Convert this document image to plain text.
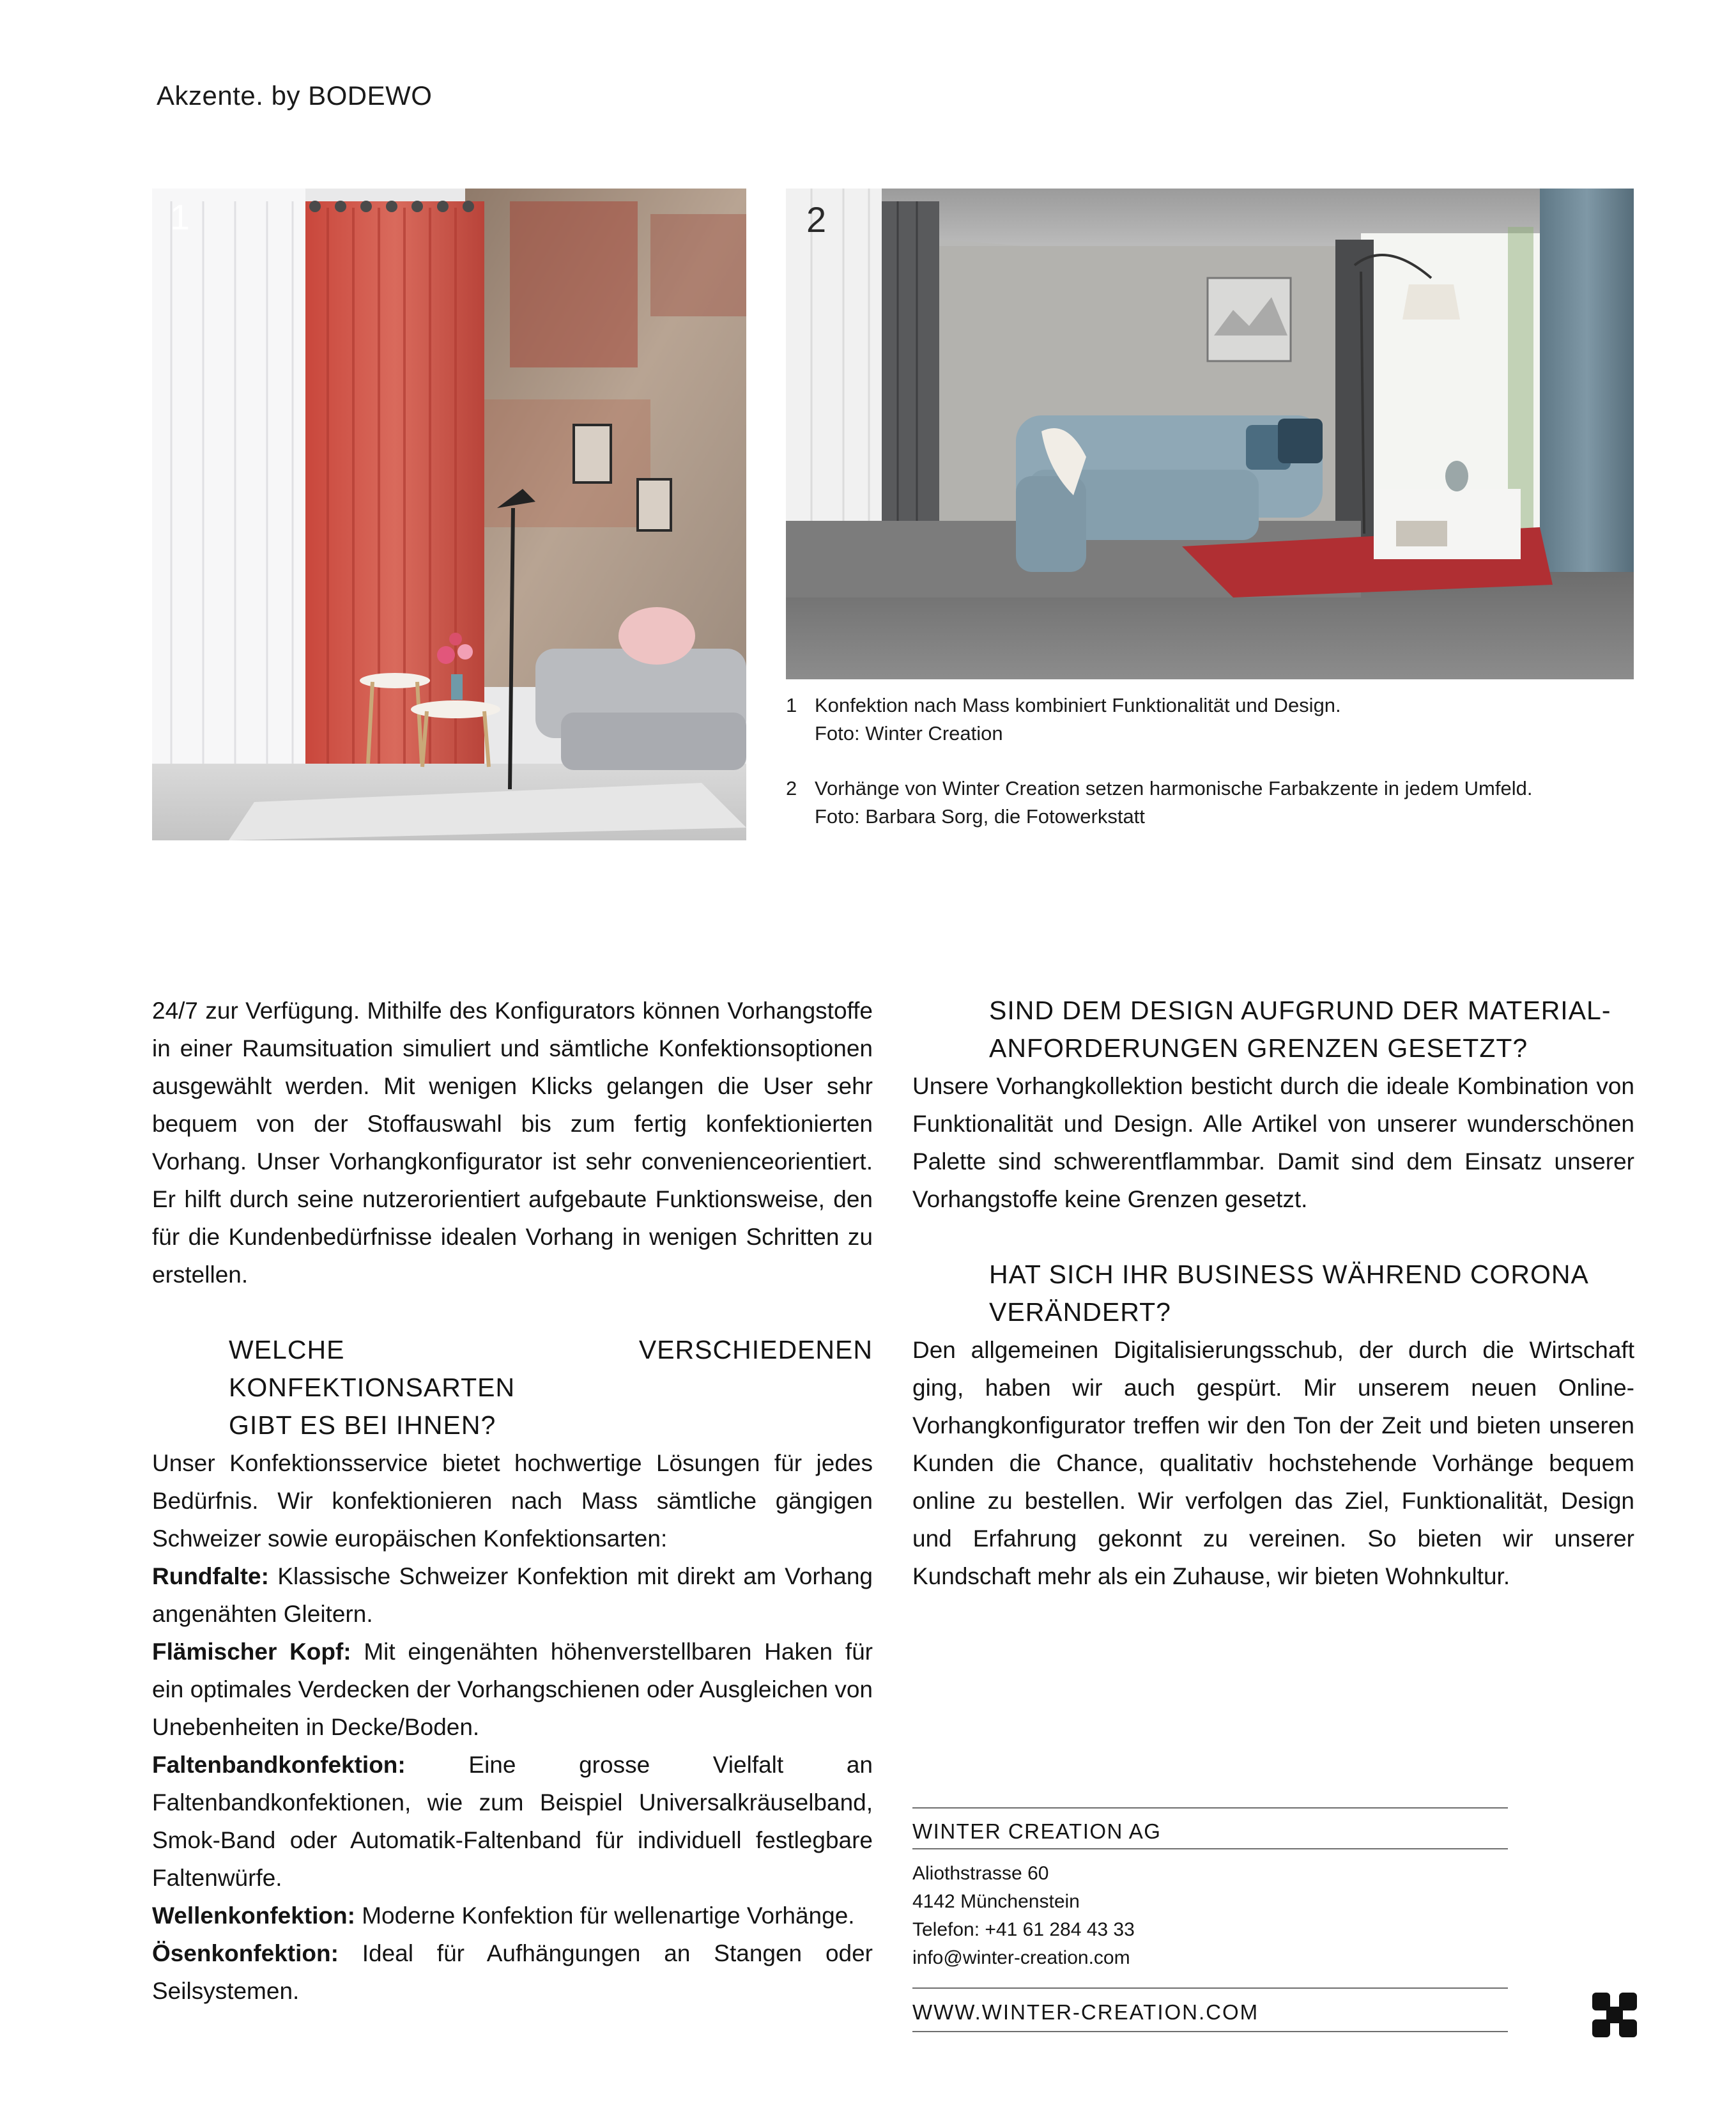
Akzente. by BODEWO
1	2
1 Konfektion nach Mass kombiniert Funktionalität und Design.
Foto: Winter Creation
2 Vorhänge von Winter Creation setzen harmonische Farbakzente in jedem Umfeld.
Foto: Barbara Sorg, die Fotowerkstatt

24/7 zur Verfügung. Mithilfe des Konfigurators können Vorhangstoffe in einer Raumsituation simuliert und sämtliche Konfektionsoptionen ausgewählt werden. Mit wenigen Klicks gelangen die User sehr bequem von der Stoffauswahl bis zum fertig konfektionierten Vorhang. Unser Vorhangkonfigurator ist sehr convenienceorientiert. Er hilft durch seine nutzerorientiert aufgebaute Funktionsweise, den für die Kundenbedürfnisse idealen Vorhang in wenigen Schritten zu erstellen.

WELCHE VERSCHIEDENEN KONFEKTIONSARTEN
GIBT ES BEI IHNEN?

Unser Konfektionsservice bietet hochwertige Lösungen für jedes Bedürfnis. Wir konfektionieren nach Mass sämtliche gängigen Schweizer sowie europäischen Konfektionsarten:

Rundfalte: Klassische Schweizer Konfektion mit direkt am Vorhang angenähten Gleitern.

Flämischer Kopf: Mit eingenähten höhenverstellbaren Haken für ein optimales Verdecken der Vorhangschienen oder Ausgleichen von Unebenheiten in Decke/Boden.

Faltenbandkonfektion:	Eine grosse Vielfalt an Faltenbandkonfektionen, wie zum Beispiel Universalkräuselband, Smok-Band oder Automatik-Faltenband für individuell festlegbare Faltenwürfe.

Wellenkonfektion: Moderne Konfektion für wellenartige Vorhänge.

Ösenkonfektion: Ideal für Aufhängungen an Stangen oder Seilsystemen.

SIND DEM DESIGN AUFGRUND DER MATERIAL-
ANFORDERUNGEN GRENZEN GESETZT?

Unsere Vorhangkollektion besticht durch die ideale Kombination von Funktionalität und Design. Alle Artikel von unserer wunderschönen Palette sind schwerentflammbar. Damit sind dem Einsatz unserer Vorhangstoffe keine Grenzen gesetzt.

HAT SICH IHR BUSINESS WÄHREND CORONA
VERÄNDERT?

Den allgemeinen Digitalisierungsschub, der durch die Wirtschaft ging, haben wir auch gespürt. Mir unserem neuen Online-Vorhangkonfigurator treffen wir den Ton der Zeit und bieten unseren Kunden die Chance, qualitativ hochstehende Vorhänge bequem online zu bestellen. Wir verfolgen das Ziel, Funktionalität, Design und Erfahrung gekonnt zu vereinen. So bieten wir unserer Kundschaft mehr als ein Zuhause, wir bieten Wohnkultur.

WINTER CREATION AG
Aliothstrasse 60
4142 Münchenstein
Telefon: +41 61 284 43 33
info@winter-creation.com
WWW.WINTER-CREATION.COM
